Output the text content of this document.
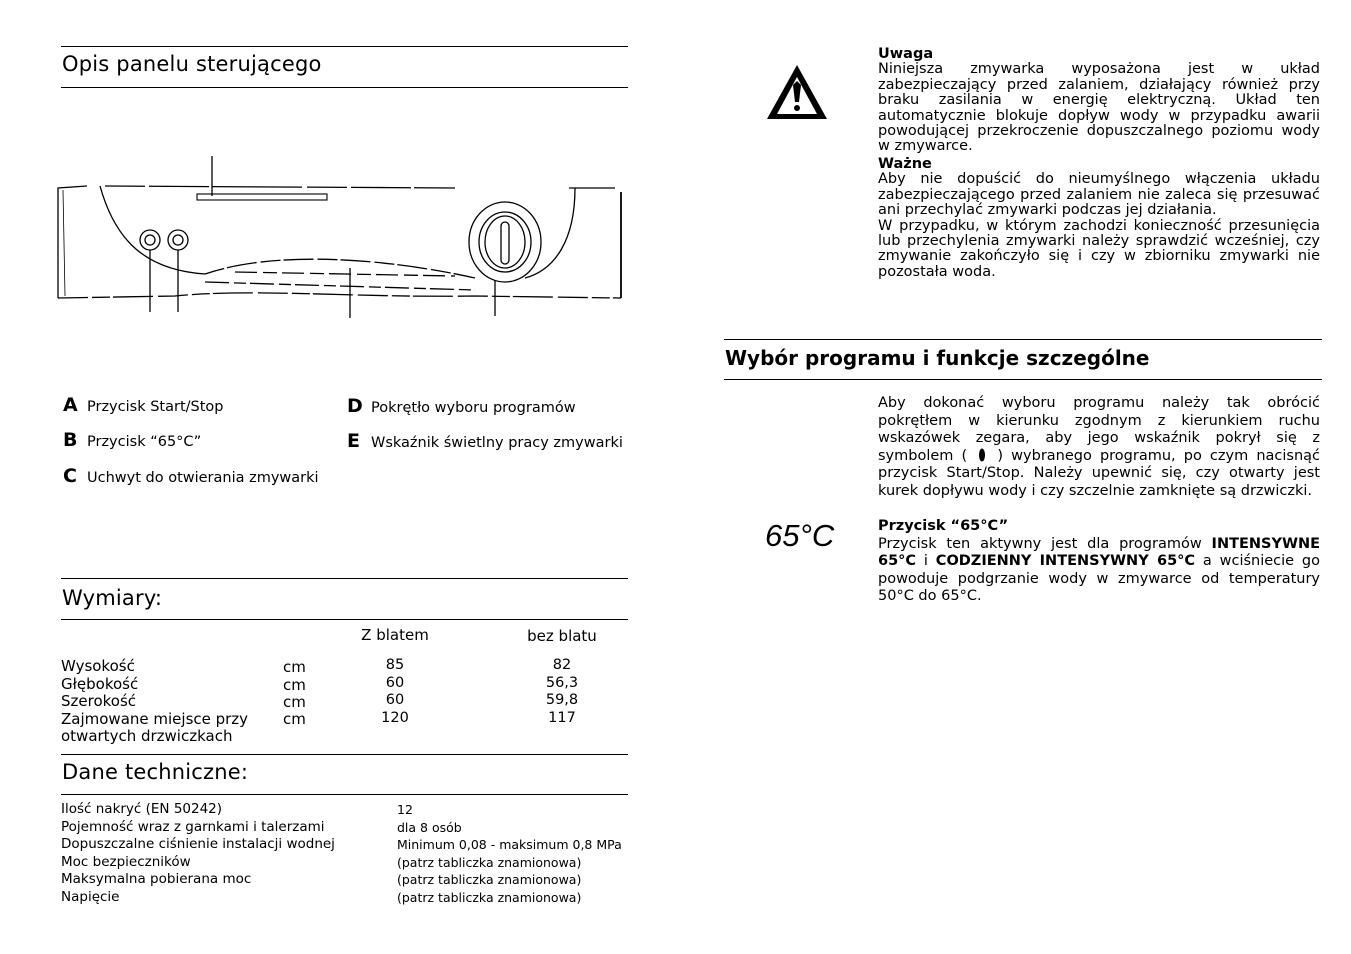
Opis panelu sterującego
A Przycisk Start/Stop
B Przycisk “65°C”
C Uchwyt do otwierania zmywarki
D Pokrętło wyboru programów
E Wskaźnik świetlny pracy zmywarki
Wymiary:
Z blatem	bez blatu
Wysokość
Głębokość
Szerokość
Zajmowane miejsce przy
otwartych drzwiczkach
cm
cm
cm
cm
85
60
60
120
82
56,3
59,8
117
Dane techniczne:
Ilość nakryć (EN 50242)
Pojemność wraz z garnkami i talerzami
Dopuszczalne ciśnienie instalacji wodnej
Moc bezpieczników
Maksymalna pobierana moc
Napięcie
12
dla 8 osób
Minimum 0,08 - maksimum 0,8 MPa
(patrz tabliczka znamionowa)
(patrz tabliczka znamionowa)
(patrz tabliczka znamionowa)
Uwaga
Niniejsza zmywarka wyposażona jest w układ zabezpieczający przed zalaniem, działający również przy braku zasilania w energię elektryczną. Układ ten automatycznie blokuje dopływ wody w przypadku awarii powodującej przekroczenie dopuszczalnego poziomu wody w zmywarce.
Ważne
Aby nie dopuścić do nieumyślnego włączenia układu zabezpieczającego przed zalaniem nie zaleca się przesuwać ani przechylać zmywarki podczas jej działania.
W przypadku, w którym zachodzi konieczność przesunięcia lub przechylenia zmywarki należy sprawdzić wcześniej, czy zmywanie zakończyło się i czy w zbiorniku zmywarki nie pozostała woda.
Wybór programu i funkcje szczególne

Aby dokonać wyboru programu należy tak obrócić pokrętłem w kierunku zgodnym z kierunkiem ruchu wskazówek zegara, aby jego wskaźnik pokrył się z symbolem ( ) wybranego programu, po czym nacisnąć przycisk Start/Stop. Należy upewnić się, czy otwarty jest kurek dopływu wody i czy szczelnie zamknięte są drzwiczki.

65°C	Przycisk “65°C”
Przycisk ten aktywny jest dla programów INTENSYWNE 65°C i CODZIENNY INTENSYWNY 65°C a wciśniecie go powoduje podgrzanie wody w zmywarce od temperatury 50°C do 65°C.
